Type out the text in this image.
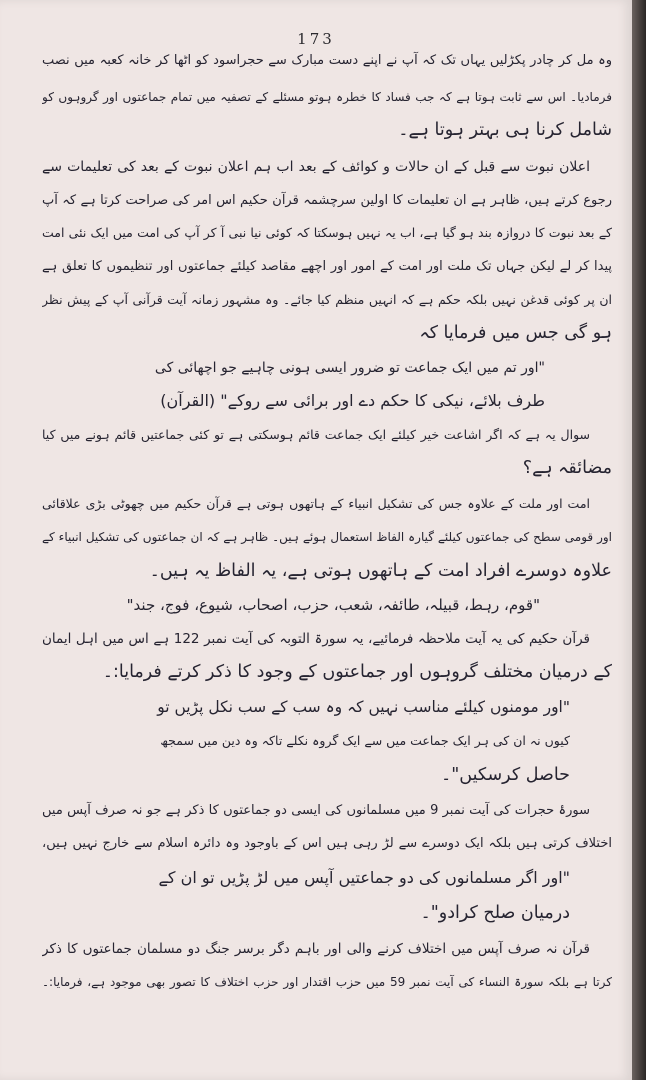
173
وہ مل کر چادر پکڑلیں یہاں تک کہ آپ نے اپنے دست مبارک سے حجراسود کو اٹھا کر خانہ کعبہ میں نصب
فرمادیا۔ اس سے ثابت ہوتا ہے کہ جب فساد کا خطرہ ہوتو مسئلے کے تصفیہ میں تمام جماعتوں اور گروہوں کو
شامل کرنا ہی بہتر ہوتا ہے۔
اعلان نبوت سے قبل کے ان حالات و کوائف کے بعد اب ہم اعلان نبوت کے بعد کی تعلیمات سے
رجوع کرتے ہیں، ظاہر ہے ان تعلیمات کا اولین سرچشمہ قرآن حکیم اس امر کی صراحت کرتا ہے کہ آپ
کے بعد نبوت کا دروازہ بند ہو گیا ہے، اب یہ نہیں ہوسکتا کہ کوئی نیا نبی آ کر آپ کی امت میں ایک نئی امت
پیدا کر لے لیکن جہاں تک ملت اور امت کے امور اور اچھے مقاصد کیلئے جماعتوں اور تنظیموں کا تعلق ہے
ان پر کوئی قدغن نہیں بلکہ حکم ہے کہ انہیں منظم کیا جائے۔ وہ مشہور زمانہ آیت قرآنی آپ کے پیش نظر
ہو گی جس میں فرمایا کہ
"اور تم میں ایک جماعت تو ضرور ایسی ہونی چاہیے جو اچھائی کی
طرف بلائے، نیکی کا حکم دے اور برائی سے روکے" (القرآن)
سوال یہ ہے کہ اگر اشاعت خیر کیلئے ایک جماعت قائم ہوسکتی ہے تو کئی جماعتیں قائم ہونے میں کیا
مضائقہ ہے؟
امت اور ملت کے علاوہ جس کی تشکیل انبیاء کے ہاتھوں ہوتی ہے قرآن حکیم میں چھوٹی بڑی علاقائی
اور قومی سطح کی جماعتوں کیلئے گیارہ الفاظ استعمال ہوئے ہیں۔ ظاہر ہے کہ ان جماعتوں کی تشکیل انبیاء کے
علاوہ دوسرے افراد امت کے ہاتھوں ہوتی ہے، یہ الفاظ یہ ہیں۔
"قوم، رہط، قبیلہ، طائفہ، شعب، حزب، اصحاب، شیوع، فوج، جند"
قرآن حکیم کی یہ آیت ملاحظہ فرمائیے، یہ سورۃ التوبہ کی آیت نمبر 122 ہے اس میں اہل ایمان
کے درمیان مختلف گروہوں اور جماعتوں کے وجود کا ذکر کرتے فرمایا:۔
"اور مومنوں کیلئے مناسب نہیں کہ وہ سب کے سب نکل پڑیں تو
کیوں نہ ان کی ہر ایک جماعت میں سے ایک گروہ نکلے تاکہ وہ دین میں سمجھ
حاصل کرسکیں"۔
سورۂ حجرات کی آیت نمبر 9 میں مسلمانوں کی ایسی دو جماعتوں کا ذکر ہے جو نہ صرف آپس میں
اختلاف کرتی ہیں بلکہ ایک دوسرے سے لڑ رہی ہیں اس کے باوجود وہ دائرہ اسلام سے خارج نہیں ہیں،
"اور اگر مسلمانوں کی دو جماعتیں آپس میں لڑ پڑیں تو ان کے
درمیان صلح کرادو"۔
قرآن نہ صرف آپس میں اختلاف کرنے والی اور باہم دگر برسر جنگ دو مسلمان جماعتوں کا ذکر
کرتا ہے بلکہ سورۃ النساء کی آیت نمبر 59 میں حزب اقتدار اور حزب اختلاف کا تصور بھی موجود ہے، فرمایا:۔
